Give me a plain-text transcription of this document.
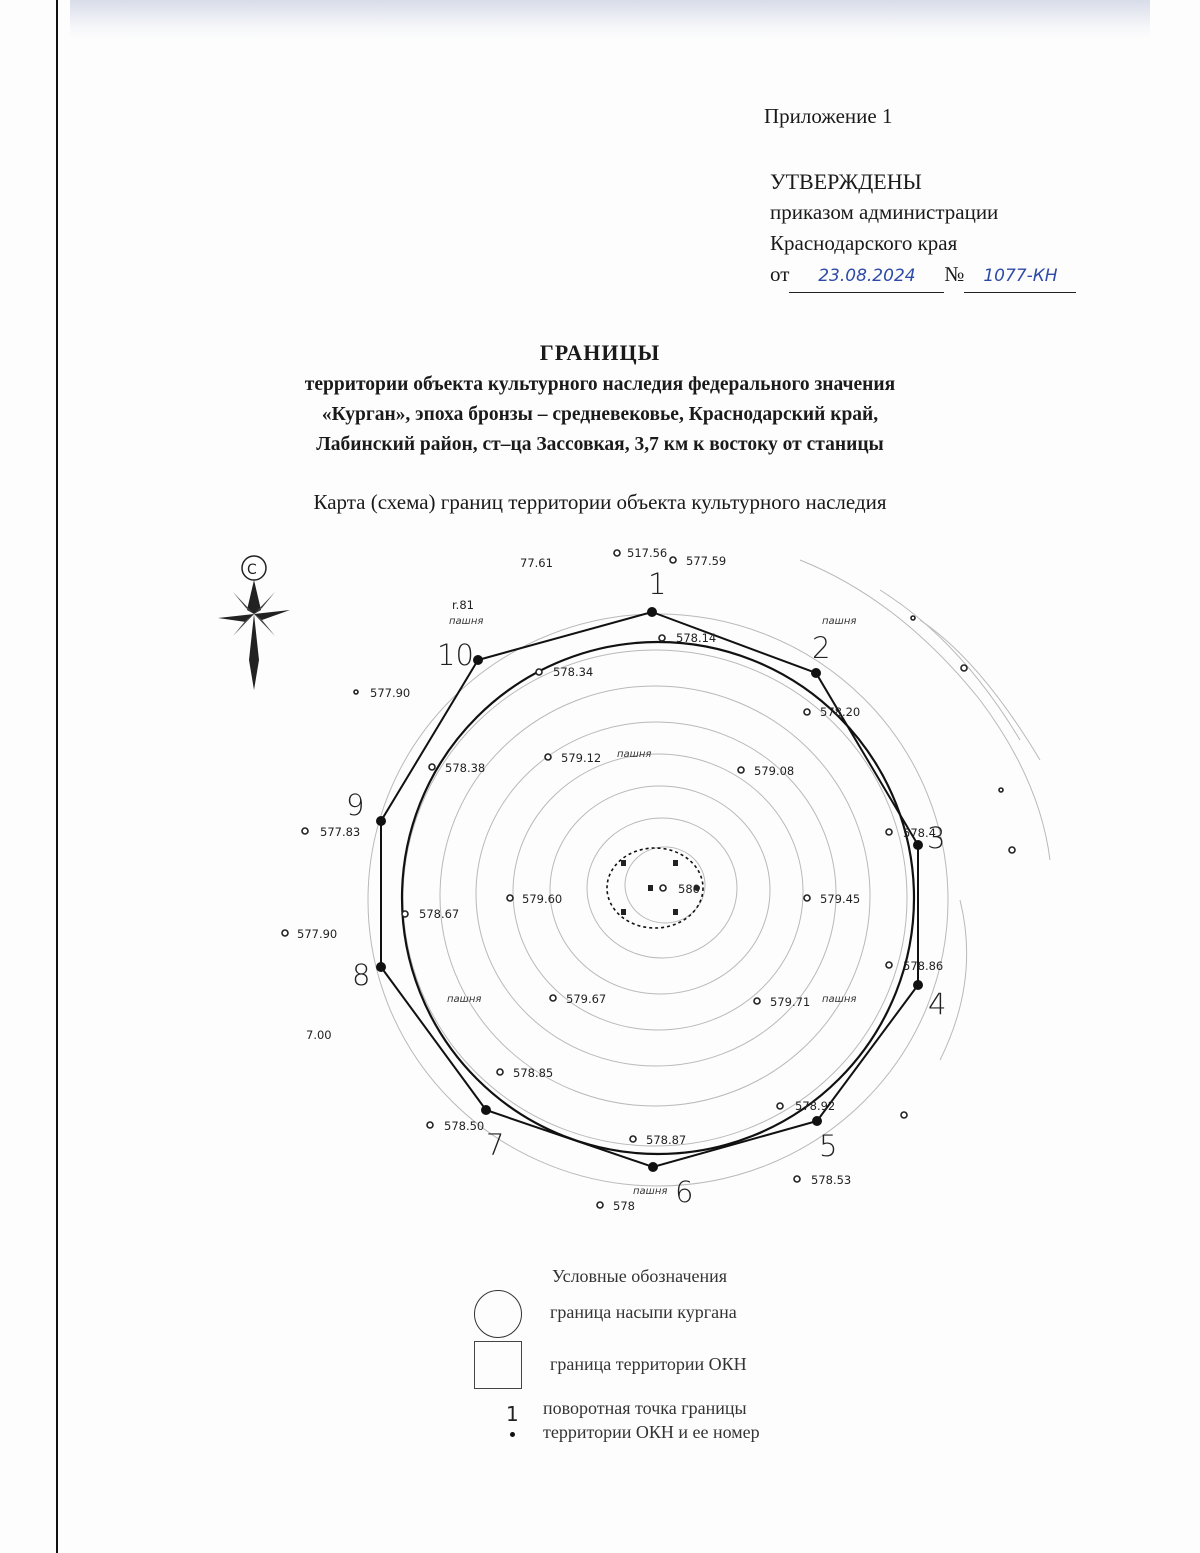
Приложение 1
УТВЕРЖДЕНЫ
приказом администрации
Краснодарского края
от 23.08.2024 № 1077-КН
ГРАНИЦЫ
территории объекта культурного наследия федерального значения
«Курган», эпоха бронзы – средневековье, Краснодарский край,
Лабинский район, ст–ца Зассовкая, 3,7 км к востоку от станицы
Карта (схема) границ территории объекта культурного наследия
С	1
2
3
4
5
6
7
8
9
10
517.56
577.59
578.14
578.34
578.20
577.90
579.12
579.08
578.38
578.4
577.83
579.60
580
579.45
578.67
577.90
578.86
579.67	579.71
578.85
578.92
578.50
578.87
578.53
578
7.00
r.81
77.61
пашня	пашня
пашня
пашня	пашня
пашня
Условные обозначения
граница насыпи кургана
граница территории ОКН
1 поворотная точка границы
территории ОКН и ее номер
